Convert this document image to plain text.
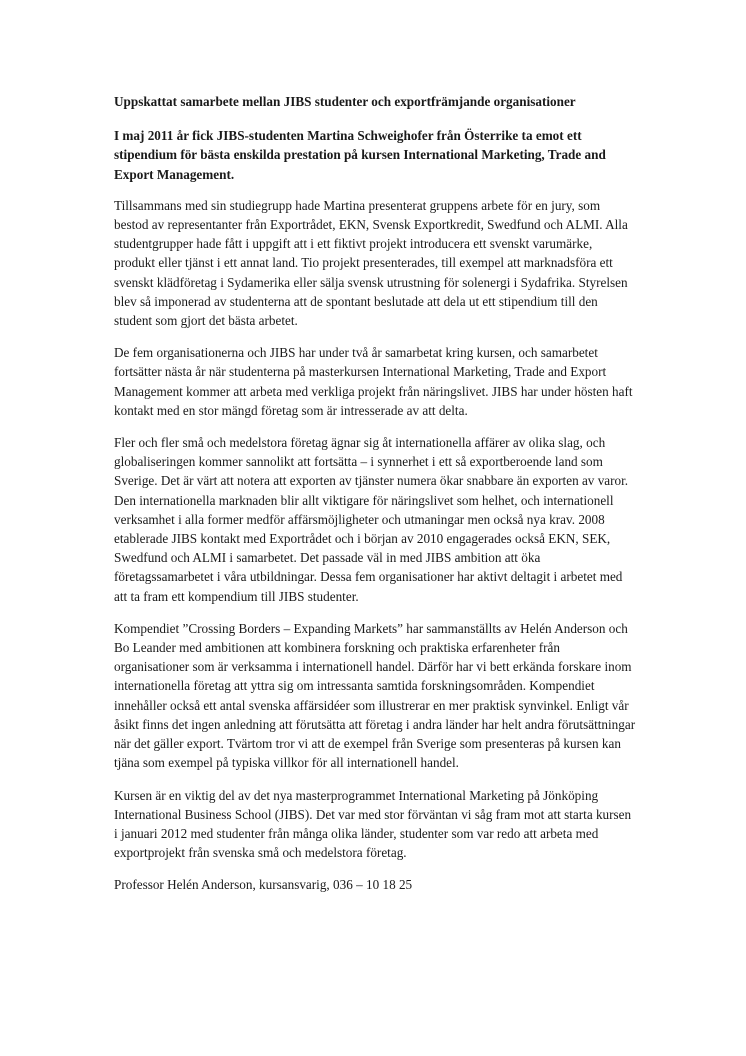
Uppskattat samarbete mellan JIBS studenter och exportfrämjande organisationer
I maj 2011 år fick JIBS-studenten Martina Schweighofer från Österrike ta emot ett stipendium för bästa enskilda prestation på kursen International Marketing, Trade and Export Management.

Tillsammans med sin studiegrupp hade Martina presenterat gruppens arbete för en jury, som bestod av representanter från Exportrådet, EKN, Svensk Exportkredit, Swedfund och ALMI. Alla studentgrupper hade fått i uppgift att i ett fiktivt projekt introducera ett svenskt varumärke, produkt eller tjänst i ett annat land. Tio projekt presenterades, till exempel att marknadsföra ett svenskt klädföretag i Sydamerika eller sälja svensk utrustning för solenergi i Sydafrika. Styrelsen blev så imponerad av studenterna att de spontant beslutade att dela ut ett stipendium till den student som gjort det bästa arbetet.

De fem organisationerna och JIBS har under två år samarbetat kring kursen, och samarbetet fortsätter nästa år när studenterna på masterkursen International Marketing, Trade and Export Management kommer att arbeta med verkliga projekt från näringslivet. JIBS har under hösten haft kontakt med en stor mängd företag som är intresserade av att delta.

Fler och fler små och medelstora företag ägnar sig åt internationella affärer av olika slag, och globaliseringen kommer sannolikt att fortsätta – i synnerhet i ett så exportberoende land som Sverige. Det är värt att notera att exporten av tjänster numera ökar snabbare än exporten av varor. Den internationella marknaden blir allt viktigare för näringslivet som helhet, och internationell verksamhet i alla former medför affärsmöjligheter och utmaningar men också nya krav. 2008 etablerade JIBS kontakt med Exportrådet och i början av 2010 engagerades också EKN, SEK, Swedfund och ALMI i samarbetet. Det passade väl in med JIBS ambition att öka företagssamarbetet i våra utbildningar. Dessa fem organisationer har aktivt deltagit i arbetet med att ta fram ett kompendium till JIBS studenter.

Kompendiet ”Crossing Borders – Expanding Markets” har sammanställts av Helén Anderson och Bo Leander med ambitionen att kombinera forskning och praktiska erfarenheter från organisationer som är verksamma i internationell handel. Därför har vi bett erkända forskare inom internationella företag att yttra sig om intressanta samtida forskningsområden. Kompendiet innehåller också ett antal svenska affärsidéer som illustrerar en mer praktisk synvinkel. Enligt vår åsikt finns det ingen anledning att förutsätta att företag i andra länder har helt andra förutsättningar när det gäller export. Tvärtom tror vi att de exempel från Sverige som presenteras på kursen kan tjäna som exempel på typiska villkor för all internationell handel.

Kursen är en viktig del av det nya masterprogrammet International Marketing på Jönköping International Business School (JIBS). Det var med stor förväntan vi såg fram mot att starta kursen i januari 2012 med studenter från många olika länder, studenter som var redo att arbeta med exportprojekt från svenska små och medelstora företag.

Professor Helén Anderson, kursansvarig, 036 – 10 18 25
